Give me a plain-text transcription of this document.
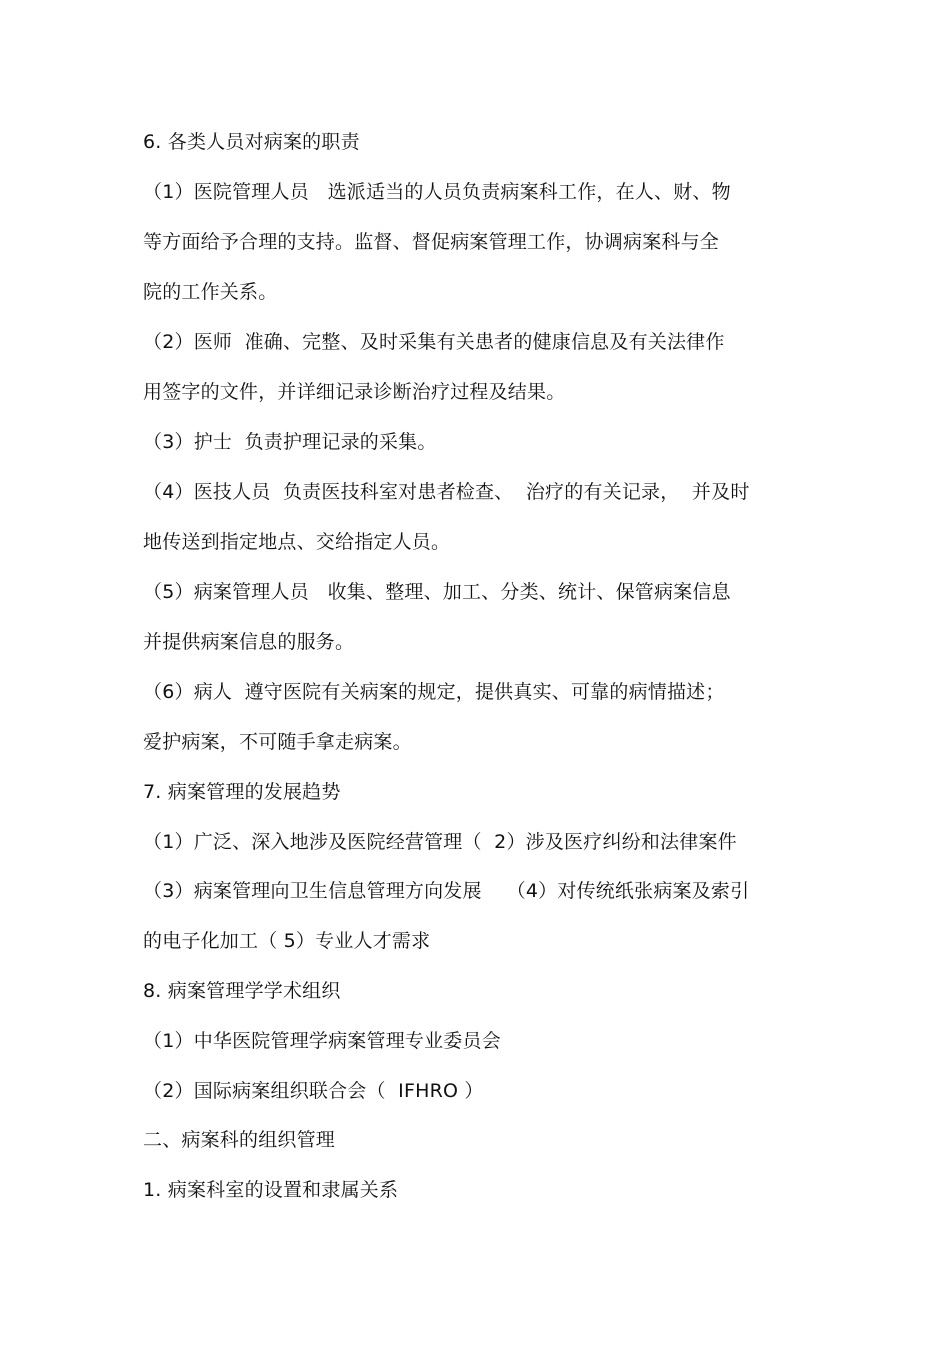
6. 各类人员对病案的职责
（1）医院管理人员   选派适当的人员负责病案科工作，在人、财、物
等方面给予合理的支持。监督、督促病案管理工作，协调病案科与全
院的工作关系。
（2）医师  准确、完整、及时采集有关患者的健康信息及有关法律作
用签字的文件，并详细记录诊断治疗过程及结果。
（3）护士  负责护理记录的采集。
（4）医技人员  负责医技科室对患者检查、  治疗的有关记录，  并及时
地传送到指定地点、交给指定人员。
（5）病案管理人员   收集、整理、加工、分类、统计、保管病案信息
并提供病案信息的服务。
（6）病人  遵守医院有关病案的规定，提供真实、可靠的病情描述；
爱护病案，不可随手拿走病案。
7. 病案管理的发展趋势
（1）广泛、深入地涉及医院经营管理（  2）涉及医疗纠纷和法律案件
（3）病案管理向卫生信息管理方向发展    （4）对传统纸张病案及索引
的电子化加工（ 5）专业人才需求
8. 病案管理学学术组织
（1）中华医院管理学病案管理专业委员会
（2）国际病案组织联合会（  IFHRO ）
二、病案科的组织管理
1. 病案科室的设置和隶属关系
